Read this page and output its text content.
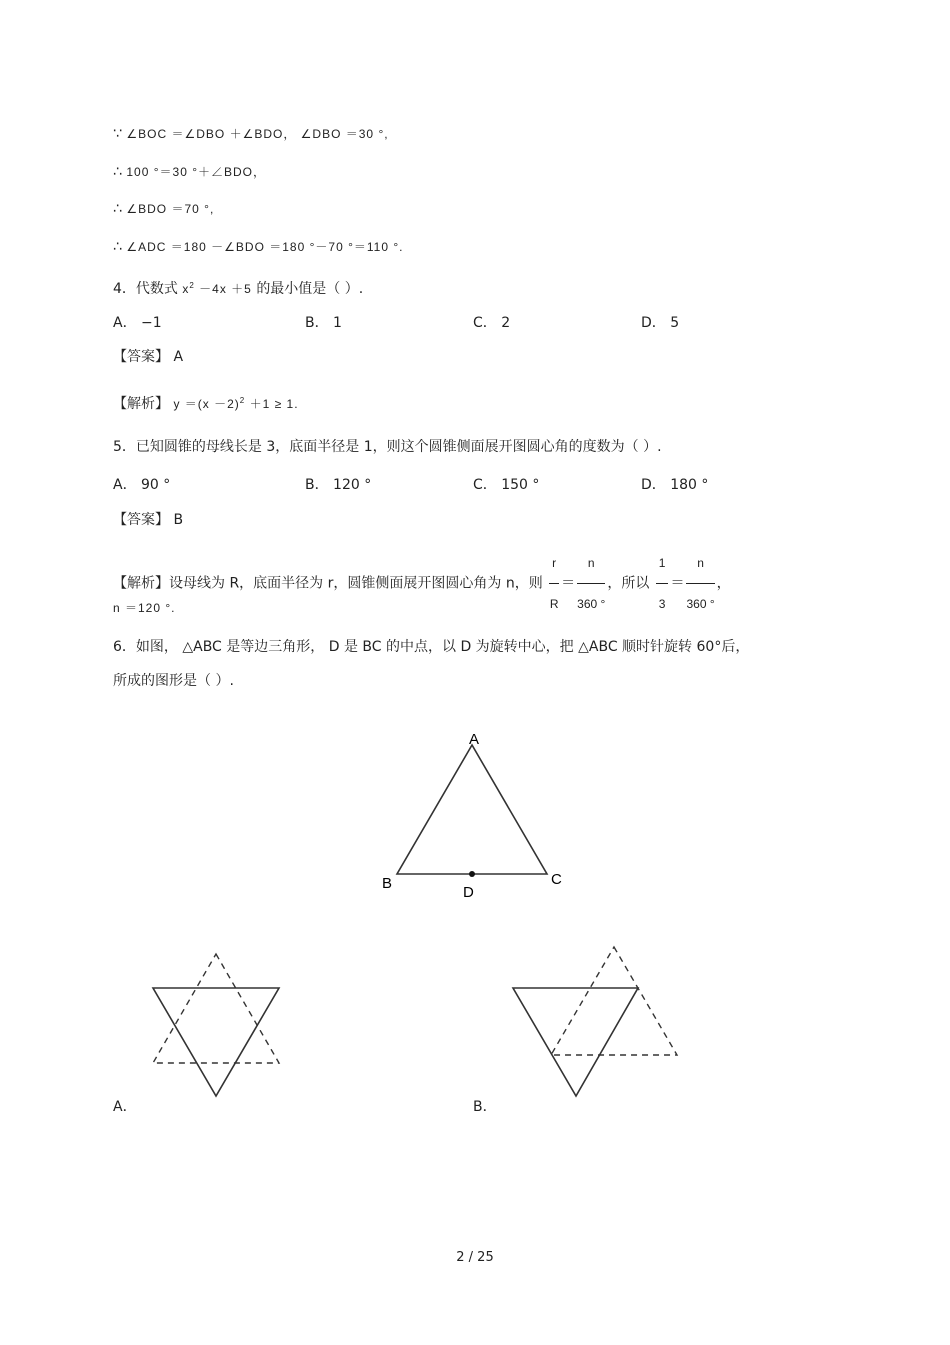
∵ ∠BOC ＝∠DBO ＋∠BDO， ∠DBO ＝30 °,
∴ 100 °＝30 °＋∠BDO，
∴ ∠BDO ＝70 °,
∴ ∠ADC ＝180 －∠BDO ＝180 °－70 °＝110 °.
4．代数式 $x^2 -4x +5$ 的最小值是（ ）.
A． −1	B． 1	C． 2	D． 5
【答案】 A
【解析】 $y =(x -2)^2 +1 \ge 1$.
5．已知圆锥的母线长是 3，底面半径是 1，则这个圆锥侧面展开图圆心角的度数为（ ）.
A． 90 °	B． 120 °	C． 150 °	D． 180 °
【答案】 B
【解析】设母线为 R，底面半径为 r，圆锥侧面展开图圆心角为 n，则 $\frac{r}{R} = \frac{n}{360 ^\circ}$ ，所以 $\frac{1}{3} = \frac{n}{360 ^\circ}$ ，
n ＝120 °.
6．如图， △ABC 是等边三角形， D 是 BC 的中点，以 D 为旋转中心，把 △ABC 顺时针旋转 60°后，
所成的图形是（ ）.
A
B	C
D
A．	B．
2 / 25
